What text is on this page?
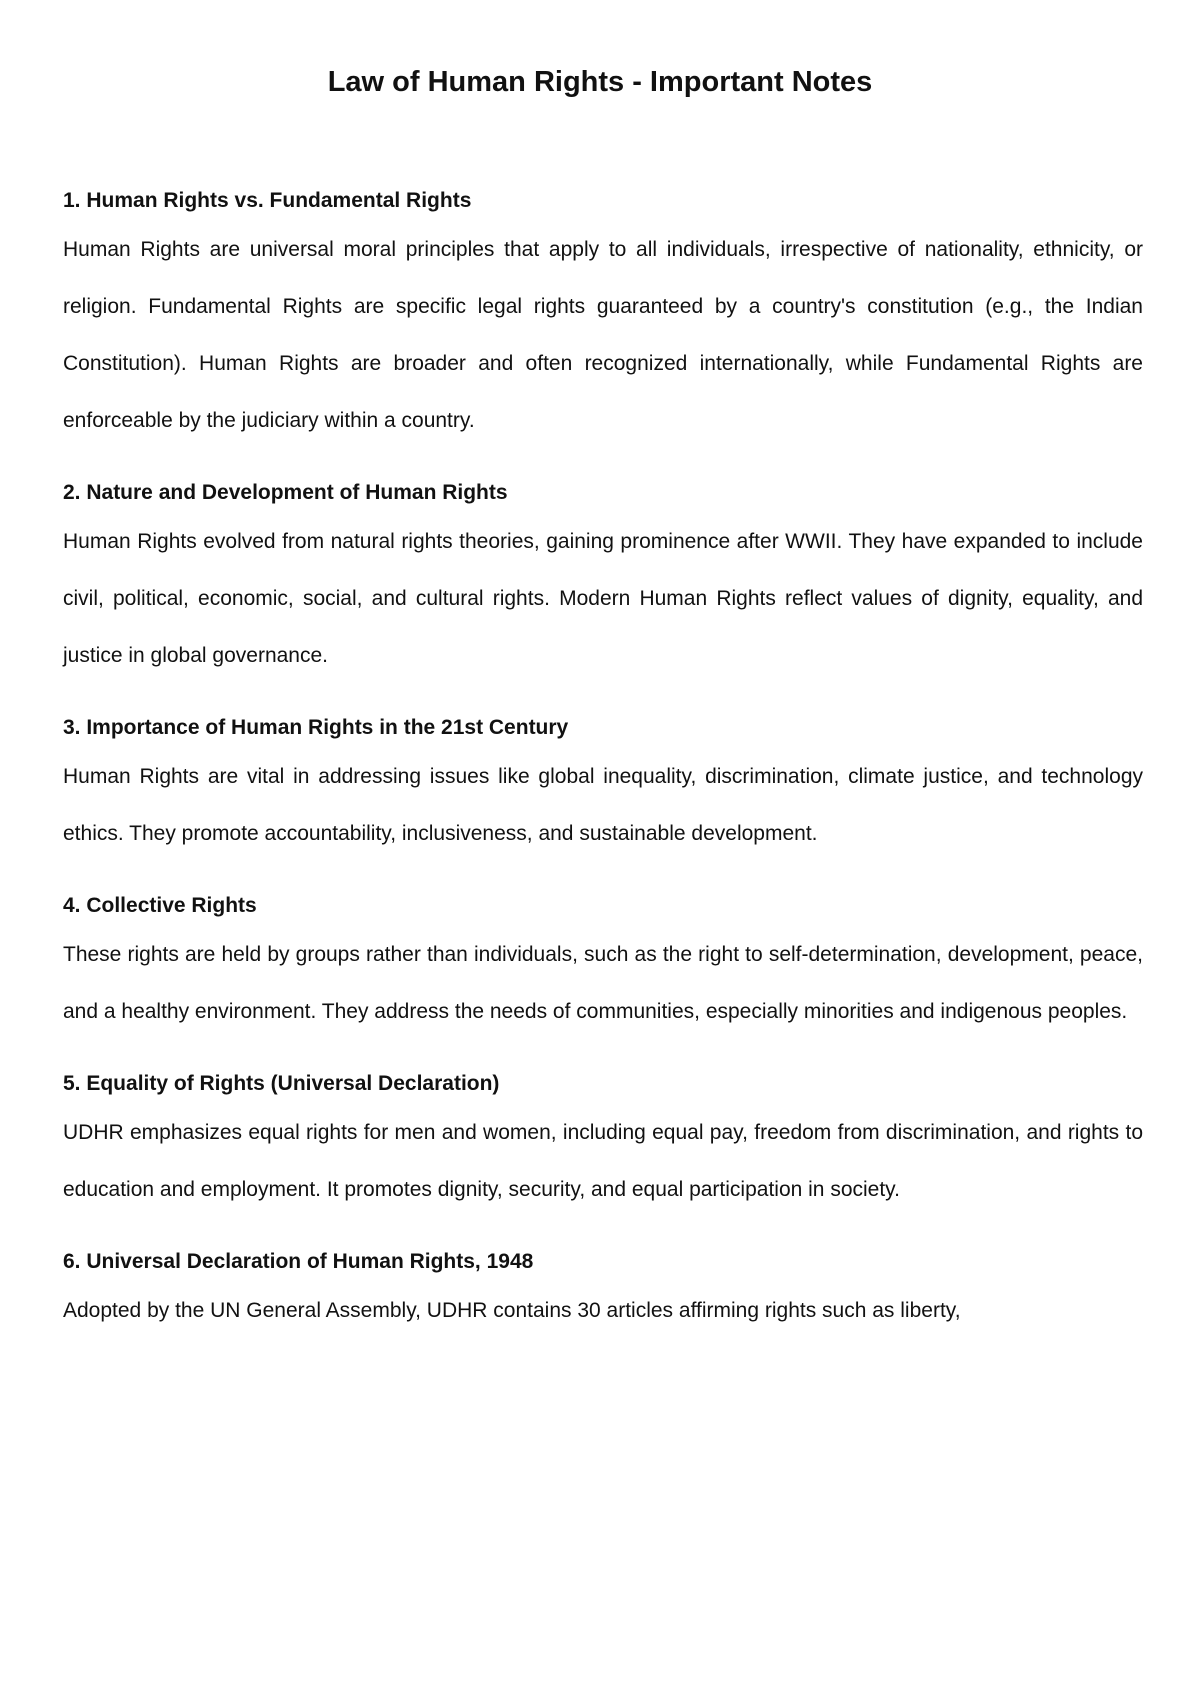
Law of Human Rights - Important Notes

1. Human Rights vs. Fundamental Rights

Human Rights are universal moral principles that apply to all individuals, irrespective of nationality, ethnicity, or religion. Fundamental Rights are specific legal rights guaranteed by a country's constitution (e.g., the Indian Constitution). Human Rights are broader and often recognized internationally, while Fundamental Rights are enforceable by the judiciary within a country.

2. Nature and Development of Human Rights

Human Rights evolved from natural rights theories, gaining prominence after WWII. They have expanded to include civil, political, economic, social, and cultural rights. Modern Human Rights reflect values of dignity, equality, and justice in global governance.

3. Importance of Human Rights in the 21st Century

Human Rights are vital in addressing issues like global inequality, discrimination, climate justice, and technology ethics. They promote accountability, inclusiveness, and sustainable development.

4. Collective Rights

These rights are held by groups rather than individuals, such as the right to self-determination, development, peace, and a healthy environment. They address the needs of communities, especially minorities and indigenous peoples.

5. Equality of Rights (Universal Declaration)

UDHR emphasizes equal rights for men and women, including equal pay, freedom from discrimination, and rights to education and employment. It promotes dignity, security, and equal participation in society.

6. Universal Declaration of Human Rights, 1948

Adopted by the UN General Assembly, UDHR contains 30 articles affirming rights such as liberty,
